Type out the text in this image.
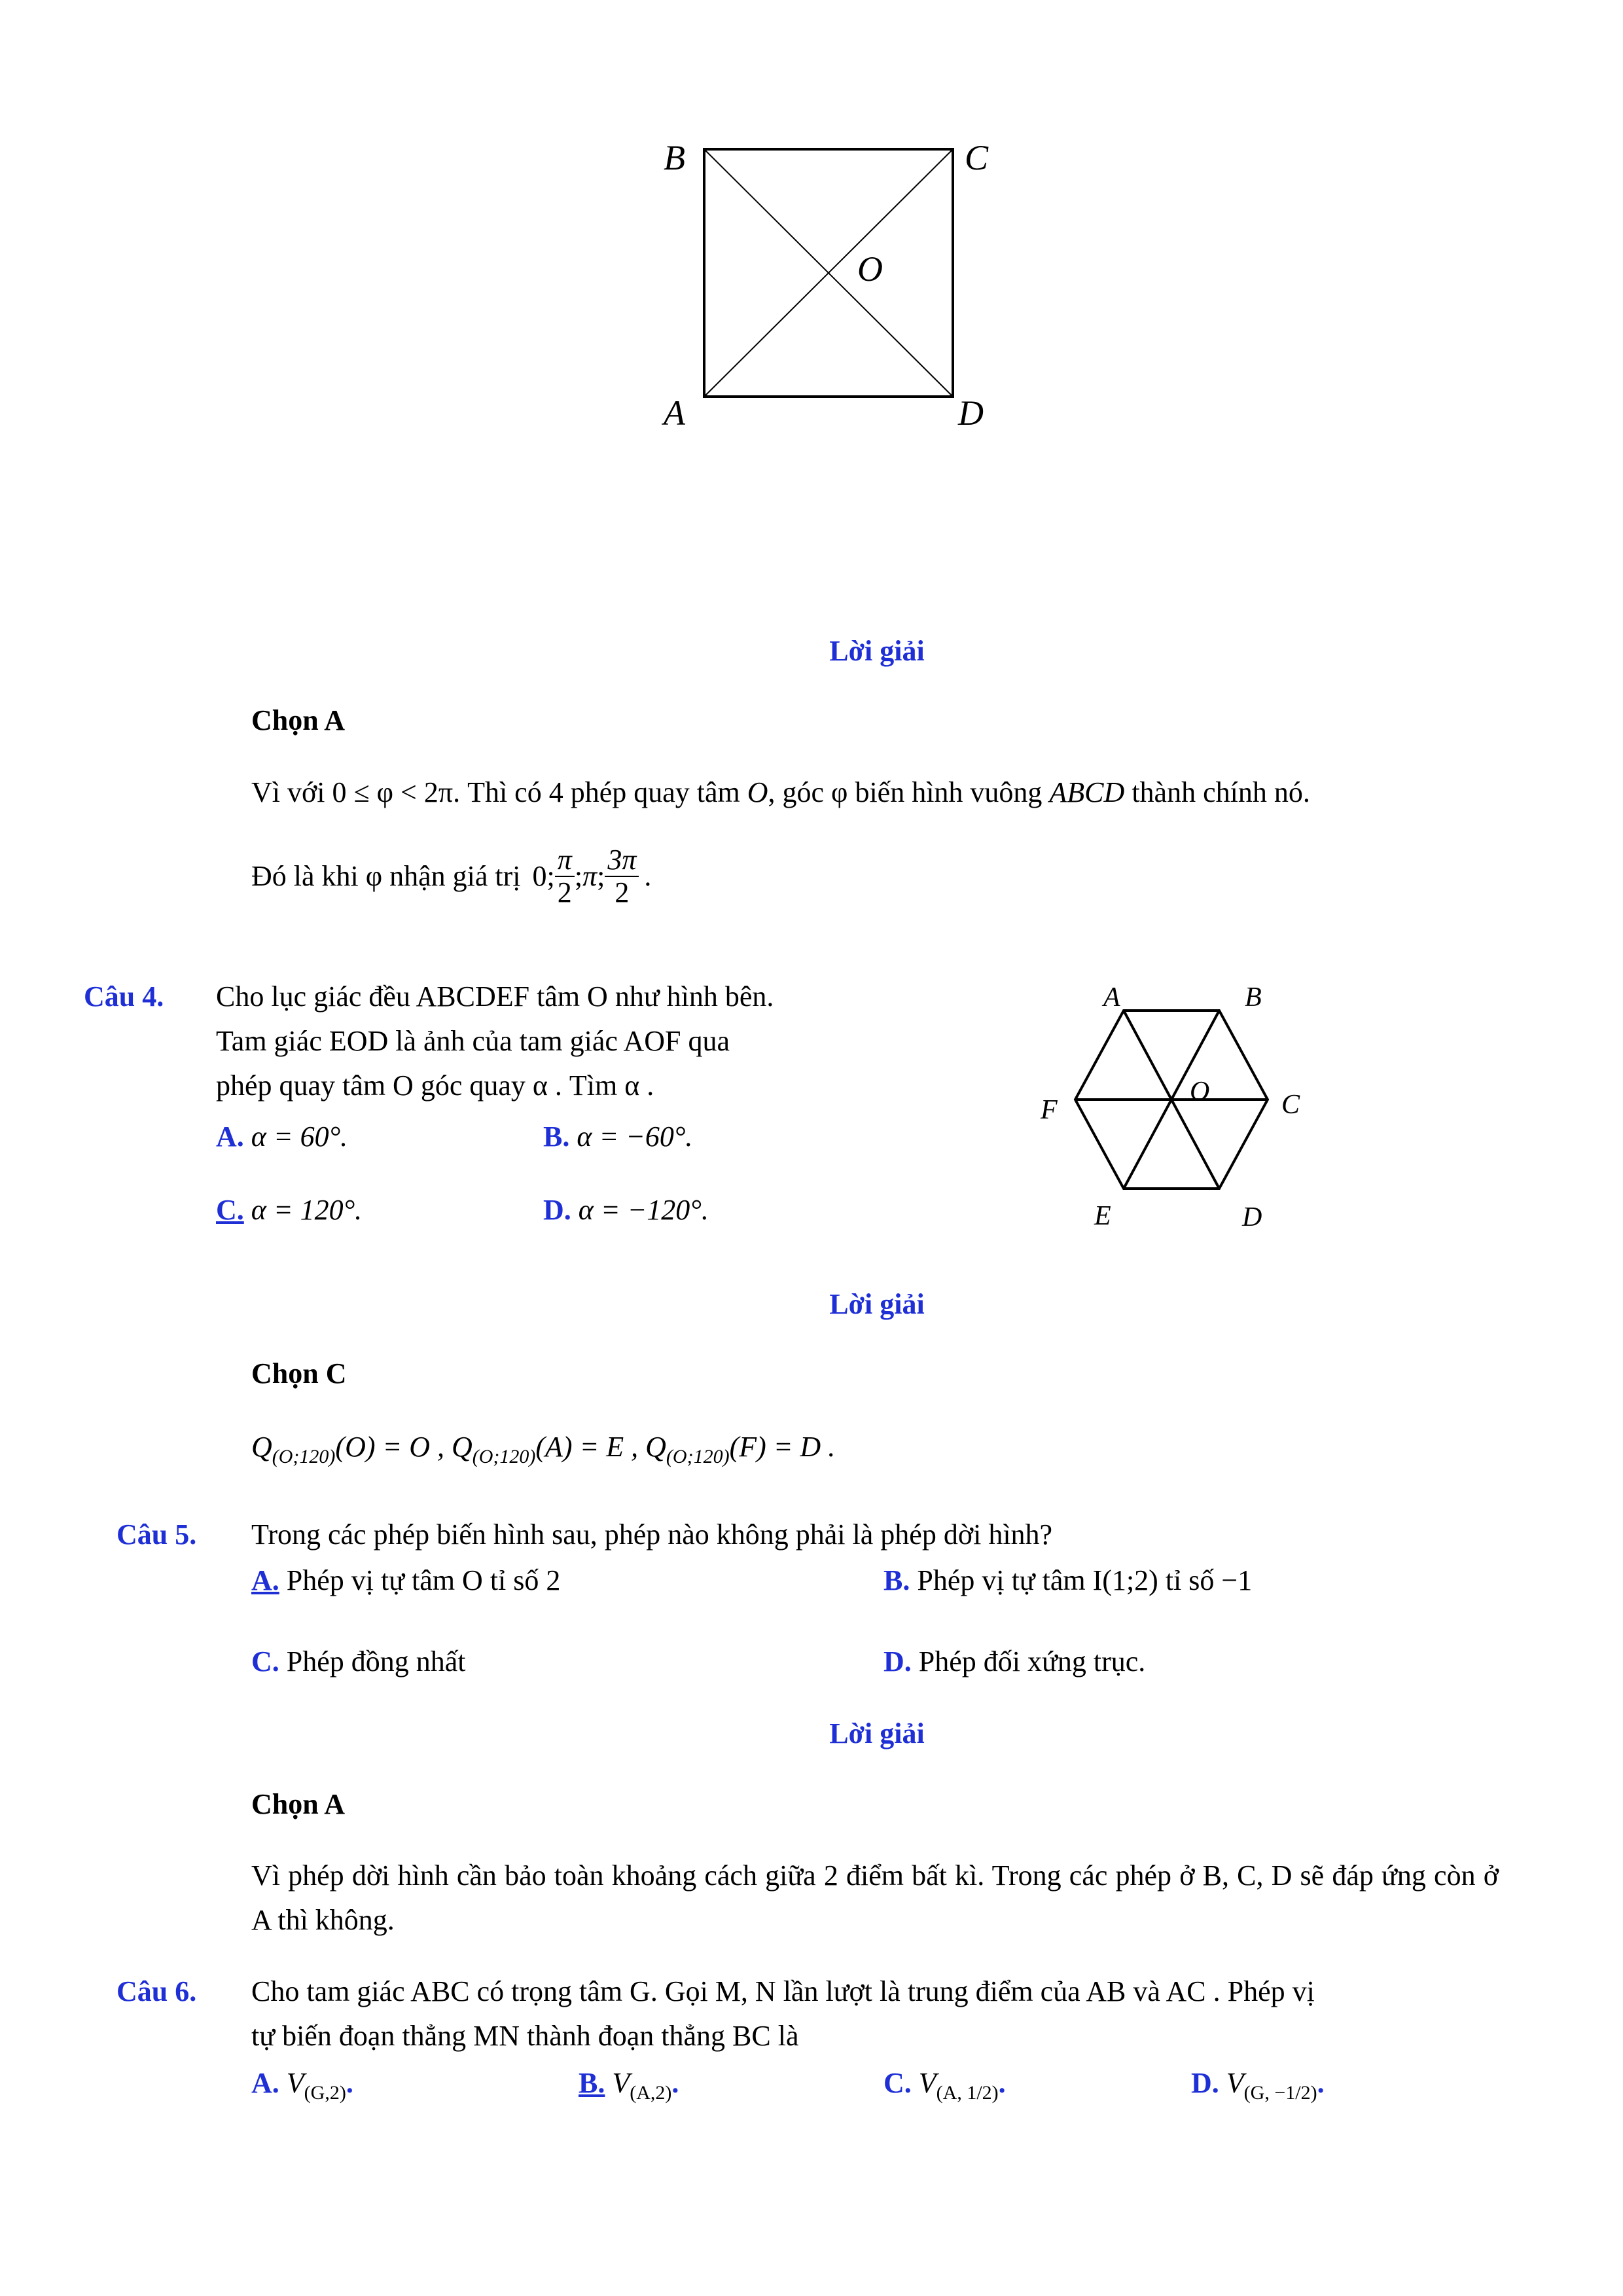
B	C
O
A	D
Lời giải
Chọn A
Vì với 0 ≤ φ < 2π. Thì có 4 phép quay tâm O, góc φ biến hình vuông ABCD thành chính nó.
Đó là khi φ nhận giá trị 0; $\frac{\pi}{2}$ ; π ; $\frac{3\pi}{2}$ .
Câu 4. Cho lục giác đều ABCDEF tâm O như hình bên.
Tam giác EOD là ảnh của tam giác AOF qua
phép quay tâm O góc quay α . Tìm α .
A. α = 60°.	B. α = −60°.
C. α = 120°.	D. α = −120°.
A	B
C
D
E
F
O
Lời giải
Chọn C
$Q_{(O;120)}(O) = O$ , $Q_{(O;120)}(A) = E$ , $Q_{(O;120)}(F) = D$ .
Câu 5. Trong các phép biến hình sau, phép nào không phải là phép dời hình?
A. Phép vị tự tâm O tỉ số 2	B. Phép vị tự tâm I(1;2) tỉ số −1
C. Phép đồng nhất	D. Phép đối xứng trục.
Lời giải
Chọn A
Vì phép dời hình cần bảo toàn khoảng cách giữa 2 điểm bất kì. Trong các phép ở B, C, D sẽ đáp ứng còn ở A thì không.
Câu 6. Cho tam giác ABC có trọng tâm G. Gọi M, N lần lượt là trung điểm của AB và AC . Phép vị
tự biến đoạn thẳng MN thành đoạn thẳng BC là
A. $V_{(G,2)}$.	B. $V_{(A,2)}$.	C. $V_{(A, 1/2)}$.	D. $V_{(G, -1/2)}$.
